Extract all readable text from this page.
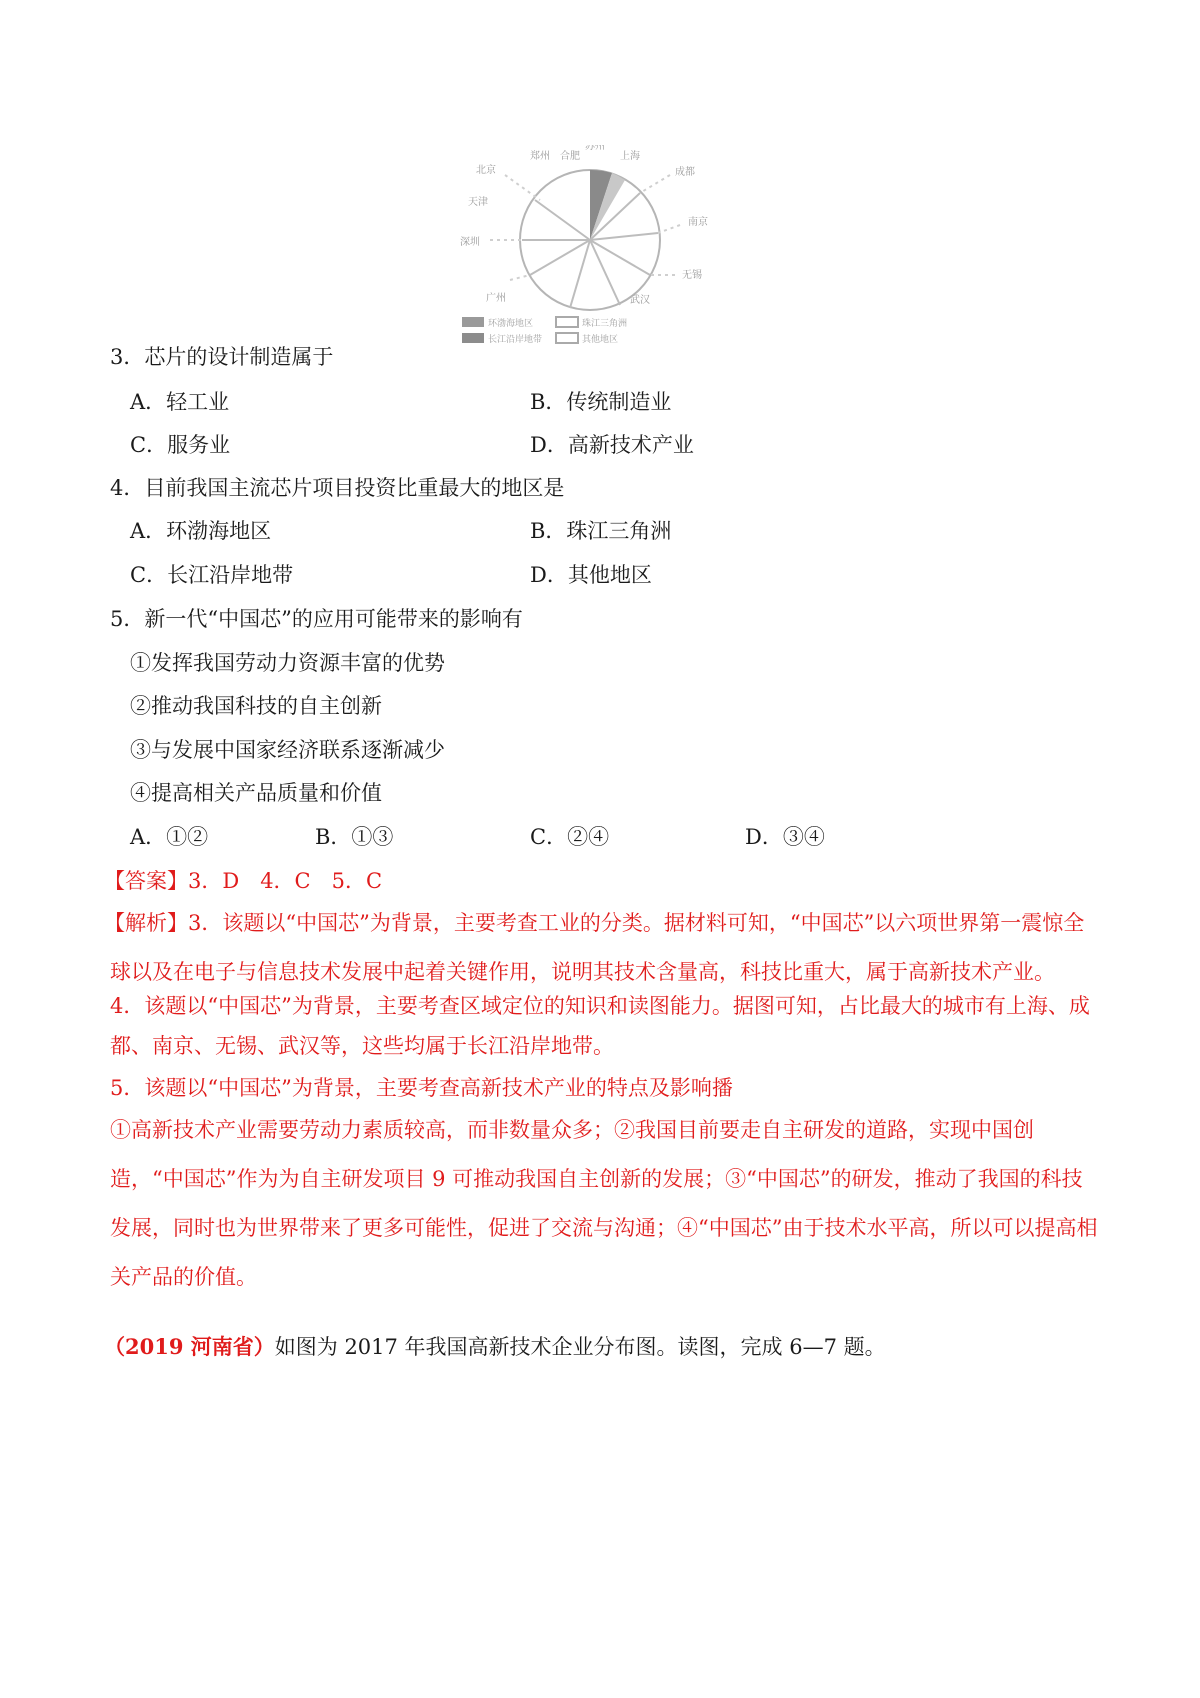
合肥	上海
成都
南京
无锡
武汉
广州
深圳
天津
北京
郑州
苏州
环渤海地区
长江沿岸地带
珠江三角洲
其他地区
3．芯片的设计制造属于
A．轻工业	B．传统制造业
C．服务业	D．高新技术产业
4．目前我国主流芯片项目投资比重最大的地区是
A．环渤海地区	B．珠江三角洲
C．长江沿岸地带	D．其他地区
5．新一代“中国芯”的应用可能带来的影响有
①发挥我国劳动力资源丰富的优势
②推动我国科技的自主创新
③与发展中国家经济联系逐渐减少
④提高相关产品质量和价值
A．①②	B．①③	C．②④	D．③④
【答案】3．D　4．C　5．C
【解析】3．该题以“中国芯”为背景，主要考查工业的分类。据材料可知，“中国芯”以六项世界第一震惊全球以及在电子与信息技术发展中起着关键作用，说明其技术含量高，科技比重大，属于高新技术产业。
4．该题以“中国芯”为背景，主要考查区域定位的知识和读图能力。据图可知，占比最大的城市有上海、成都、南京、无锡、武汉等，这些均属于长江沿岸地带。
5．该题以“中国芯”为背景，主要考查高新技术产业的特点及影响播
①高新技术产业需要劳动力素质较高，而非数量众多；②我国目前要走自主研发的道路，实现中国创造，“中国芯”作为为自主研发项目 9 可推动我国自主创新的发展；③“中国芯”的研发，推动了我国的科技发展，同时也为世界带来了更多可能性，促进了交流与沟通；④“中国芯”由于技术水平高，所以可以提高相关产品的价值。
（2019 河南省）如图为 2017 年我国高新技术企业分布图。读图，完成 6—7 题。
